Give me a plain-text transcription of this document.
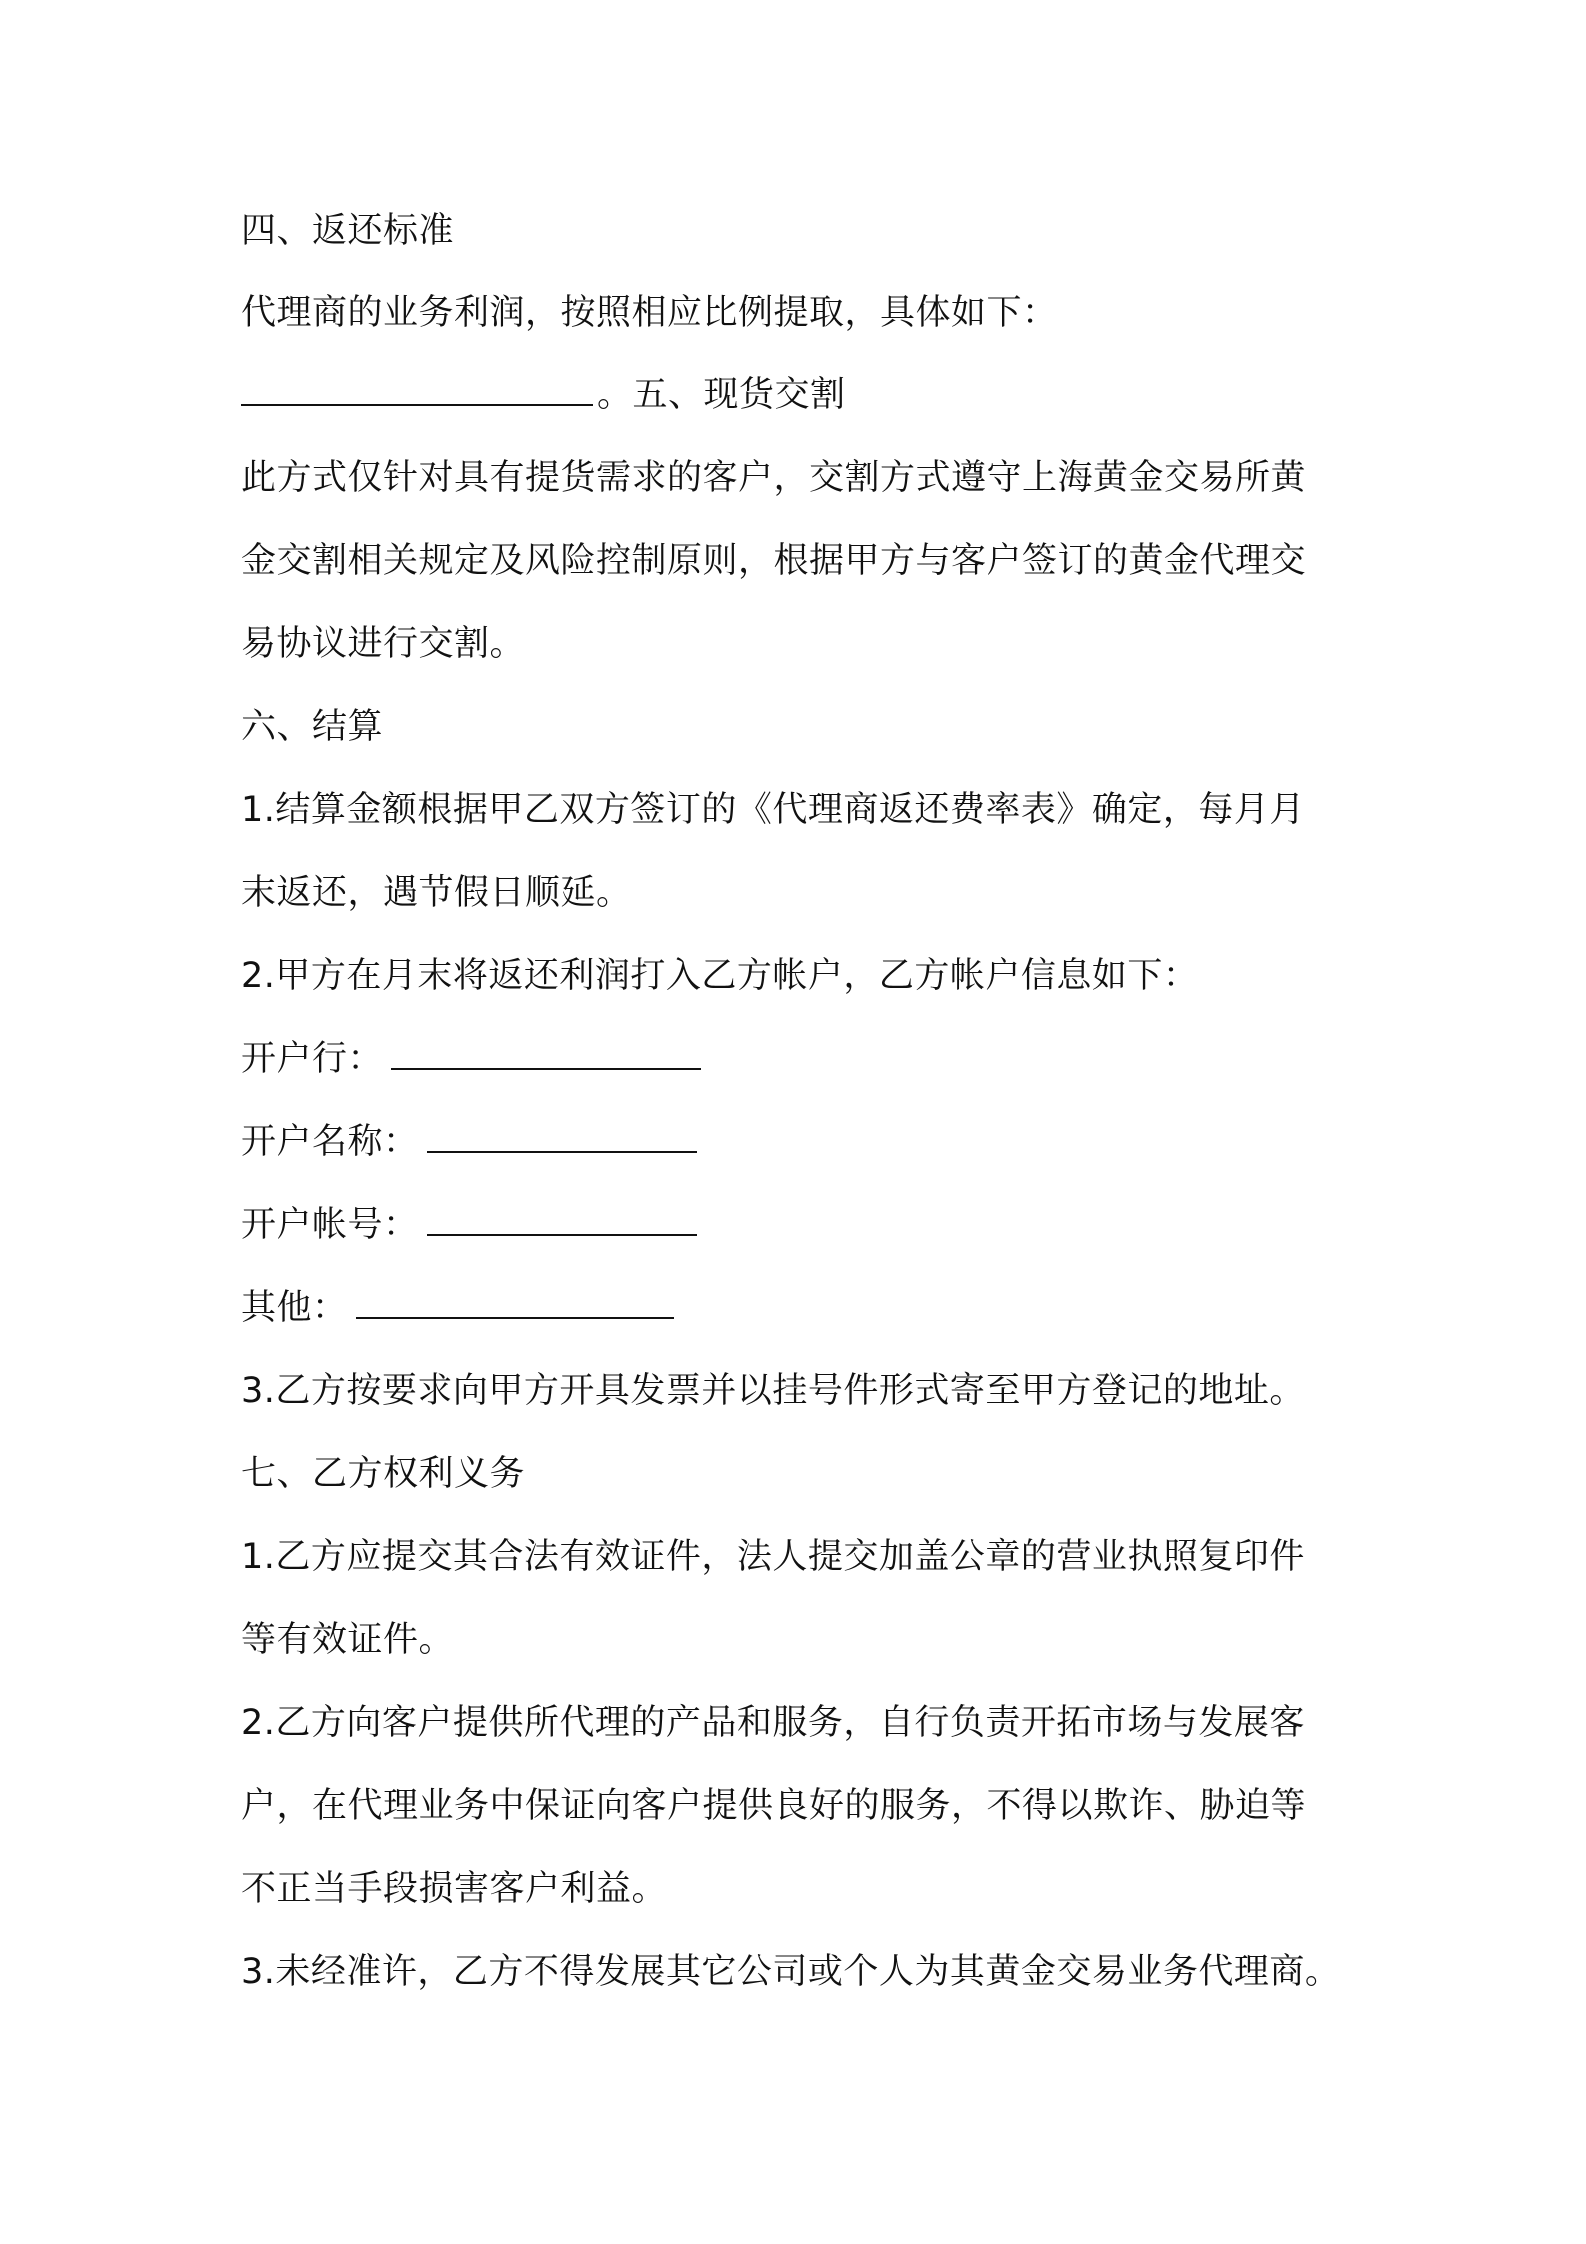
四、返还标准
代理商的业务利润，按照相应比例提取，具体如下：
。五、现货交割
此方式仅针对具有提货需求的客户，交割方式遵守上海黄金交易所黄
金交割相关规定及风险控制原则，根据甲方与客户签订的黄金代理交
易协议进行交割。
六、结算
1.结算金额根据甲乙双方签订的《代理商返还费率表》确定，每月月
末返还，遇节假日顺延。
2.甲方在月末将返还利润打入乙方帐户，乙方帐户信息如下：
开户行：
开户名称：
开户帐号：
其他：
3.乙方按要求向甲方开具发票并以挂号件形式寄至甲方登记的地址。
七、乙方权利义务
1.乙方应提交其合法有效证件，法人提交加盖公章的营业执照复印件
等有效证件。
2.乙方向客户提供所代理的产品和服务，自行负责开拓市场与发展客
户，在代理业务中保证向客户提供良好的服务，不得以欺诈、胁迫等
不正当手段损害客户利益。
3.未经准许，乙方不得发展其它公司或个人为其黄金交易业务代理商。
